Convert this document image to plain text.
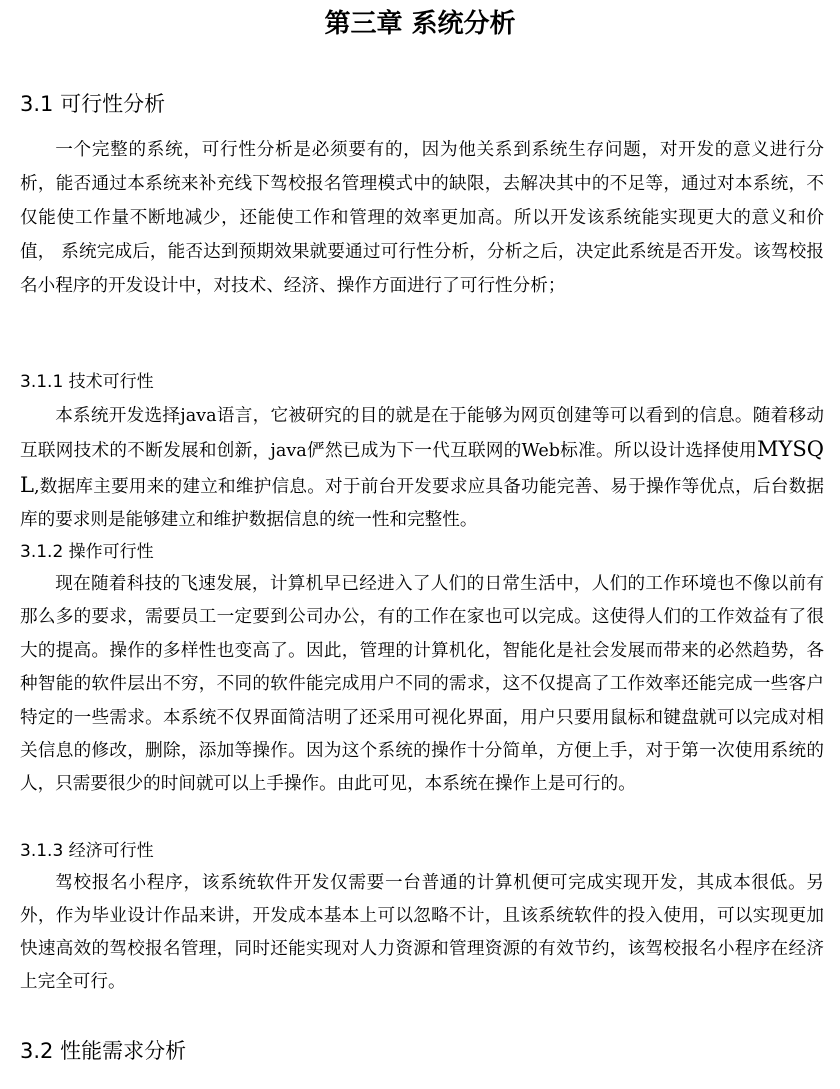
第三章 系统分析
3.1 可行性分析
一个完整的系统，可行性分析是必须要有的，因为他关系到系统生存问题，对开发的意义进行分析，能否通过本系统来补充线下驾校报名管理模式中的缺限，去解决其中的不足等，通过对本系统，不仅能使工作量不断地减少，还能使工作和管理的效率更加高。所以开发该系统能实现更大的意义和价值， 系统完成后，能否达到预期效果就要通过可行性分析，分析之后，决定此系统是否开发。该驾校报名小程序的开发设计中，对技术、经济、操作方面进行了可行性分析；
3.1.1 技术可行性
本系统开发选择java语言，它被研究的目的就是在于能够为网页创建等可以看到的信息。随着移动互联网技术的不断发展和创新，java俨然已成为下一代互联网的Web标准。所以设计选择使用MYSQL,数据库主要用来的建立和维护信息。对于前台开发要求应具备功能完善、易于操作等优点，后台数据库的要求则是能够建立和维护数据信息的统一性和完整性。
3.1.2 操作可行性
现在随着科技的飞速发展，计算机早已经进入了人们的日常生活中，人们的工作环境也不像以前有那么多的要求，需要员工一定要到公司办公，有的工作在家也可以完成。这使得人们的工作效益有了很大的提高。操作的多样性也变高了。因此，管理的计算机化，智能化是社会发展而带来的必然趋势，各种智能的软件层出不穷，不同的软件能完成用户不同的需求，这不仅提高了工作效率还能完成一些客户特定的一些需求。本系统不仅界面简洁明了还采用可视化界面，用户只要用鼠标和键盘就可以完成对相关信息的修改，删除，添加等操作。因为这个系统的操作十分简单，方便上手，对于第一次使用系统的人，只需要很少的时间就可以上手操作。由此可见，本系统在操作上是可行的。
3.1.3 经济可行性
驾校报名小程序，该系统软件开发仅需要一台普通的计算机便可完成实现开发，其成本很低。另外，作为毕业设计作品来讲，开发成本基本上可以忽略不计，且该系统软件的投入使用，可以实现更加快速高效的驾校报名管理，同时还能实现对人力资源和管理资源的有效节约，该驾校报名小程序在经济上完全可行。
3.2 性能需求分析
